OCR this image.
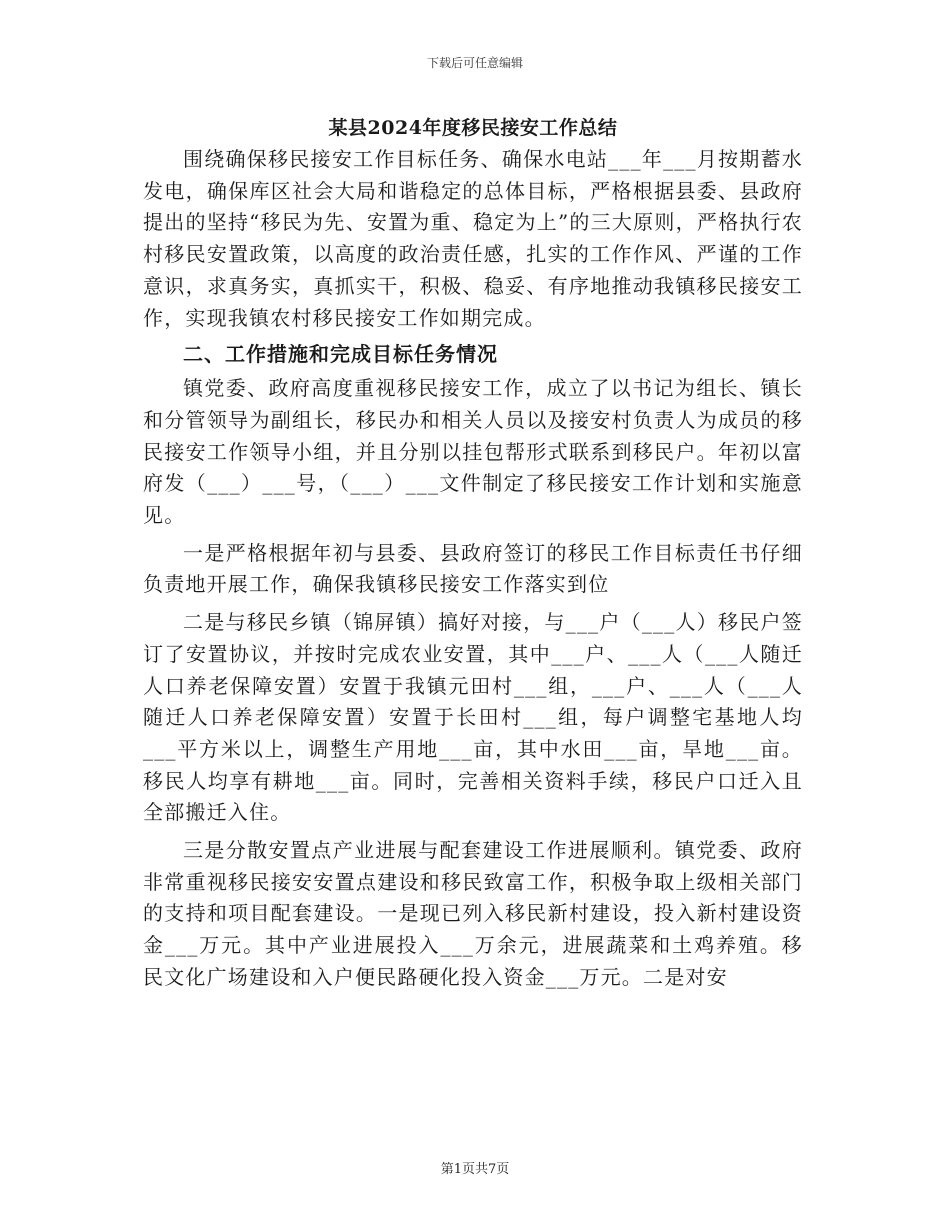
下载后可任意编辑
某县2024年度移民接安工作总结

围绕确保移民接安工作目标任务、确保水电站___年___月按期蓄水发电，确保库区社会大局和谐稳定的总体目标，严格根据县委、县政府提出的坚持“移民为先、安置为重、稳定为上”的三大原则，严格执行农村移民安置政策，以高度的政治责任感，扎实的工作作风、严谨的工作意识，求真务实，真抓实干，积极、稳妥、有序地推动我镇移民接安工作，实现我镇农村移民接安工作如期完成。

二、工作措施和完成目标任务情况

镇党委、政府高度重视移民接安工作，成立了以书记为组长、镇长和分管领导为副组长，移民办和相关人员以及接安村负责人为成员的移民接安工作领导小组，并且分别以挂包帮形式联系到移民户。年初以富府发（___）___号，（___）___文件制定了移民接安工作计划和实施意见。

一是严格根据年初与县委、县政府签订的移民工作目标责任书仔细负责地开展工作，确保我镇移民接安工作落实到位

二是与移民乡镇（锦屏镇）搞好对接，与___户（___人）移民户签订了安置协议，并按时完成农业安置，其中___户、___人（___人随迁人口养老保障安置）安置于我镇元田村___组，___户、___人（___人随迁人口养老保障安置）安置于长田村___组，每户调整宅基地人均___平方米以上，调整生产用地___亩，其中水田___亩，旱地___亩。移民人均享有耕地___亩。同时，完善相关资料手续，移民户口迁入且全部搬迁入住。

三是分散安置点产业进展与配套建设工作进展顺利。镇党委、政府非常重视移民接安安置点建设和移民致富工作，积极争取上级相关部门的支持和项目配套建设。一是现已列入移民新村建设，投入新村建设资金___万元。其中产业进展投入___万余元，进展蔬菜和土鸡养殖。移民文化广场建设和入户便民路硬化投入资金___万元。二是对安

第1页共7页
